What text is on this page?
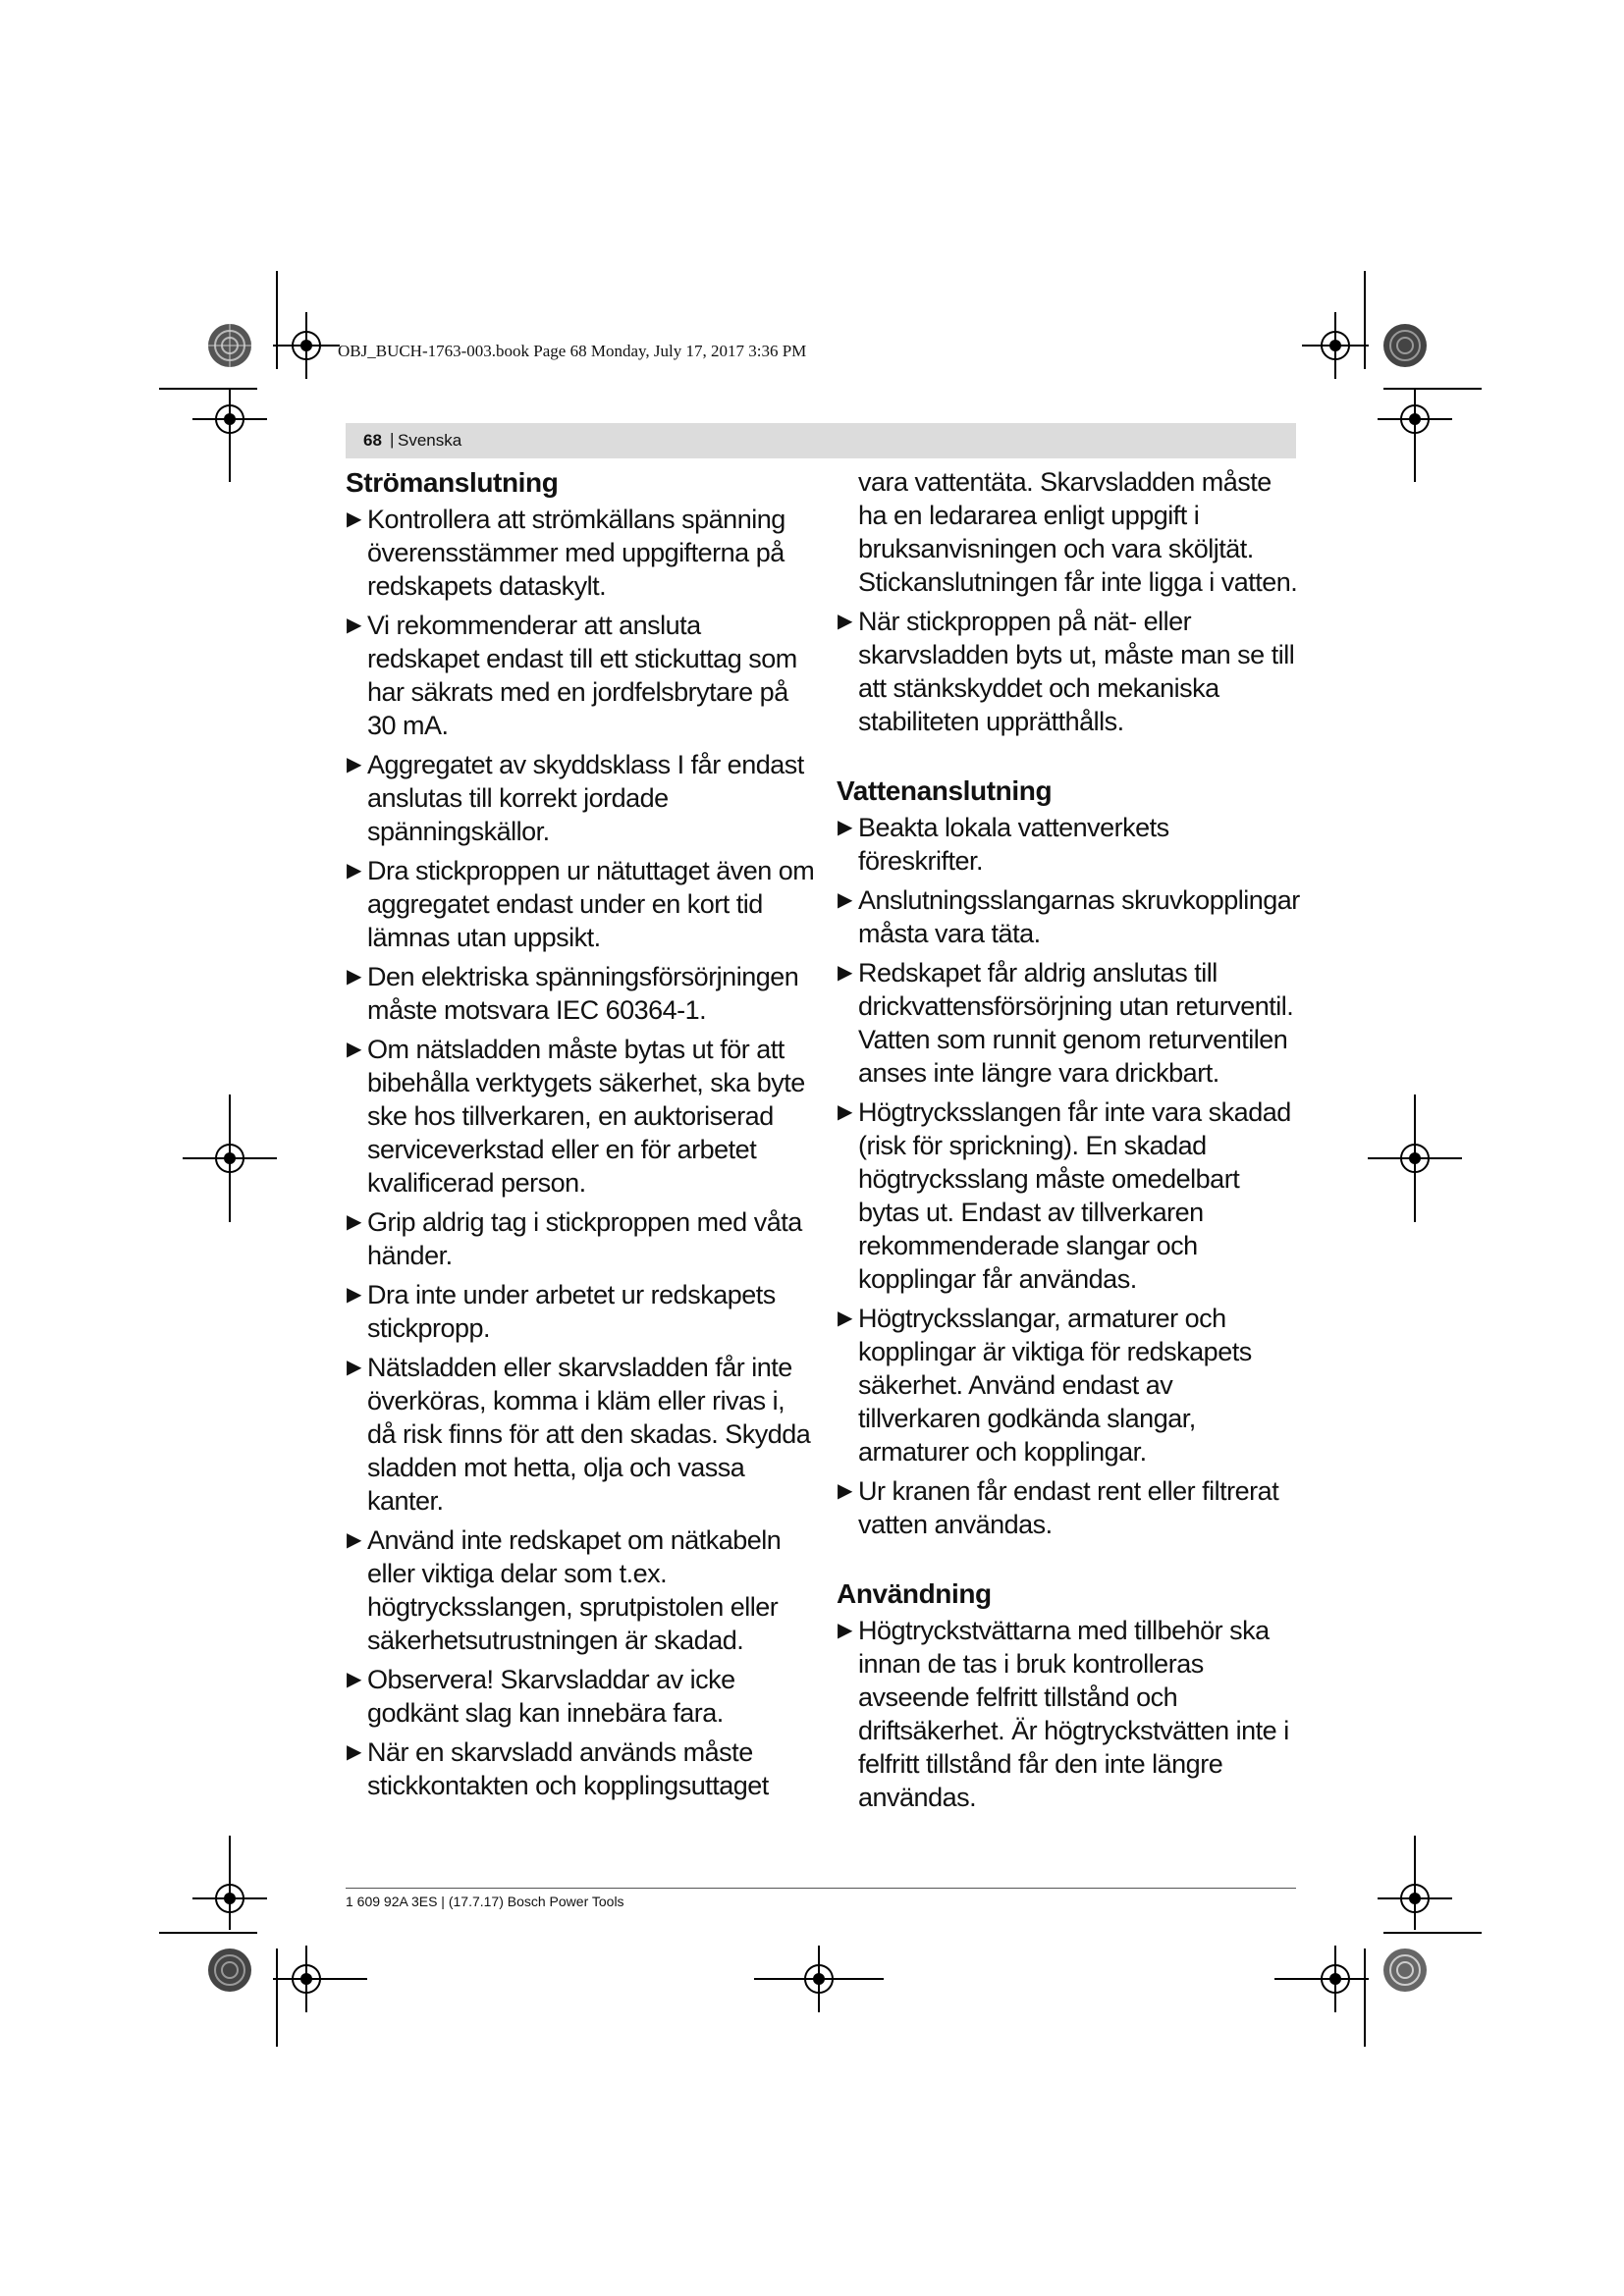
OBJ_BUCH-1763-003.book Page 68 Monday, July 17, 2017 3:36 PM
68 | Svenska
Strömanslutning
▶ Kontrollera att strömkällans spänning överensstämmer med uppgifterna på redskapets dataskylt.
▶ Vi rekommenderar att ansluta redskapet endast till ett stickuttag som har säkrats med en jordfelsbrytare på 30 mA.
▶ Aggregatet av skyddsklass I får endast anslutas till korrekt jordade spänningskällor.
▶ Dra stickproppen ur nätuttaget även om aggregatet endast under en kort tid lämnas utan uppsikt.
▶ Den elektriska spänningsförsörjningen måste motsvara IEC 60364-1.
▶ Om nätsladden måste bytas ut för att bibehålla verktygets säkerhet, ska byte ske hos tillverkaren, en auktoriserad serviceverkstad eller en för arbetet kvalificerad person.
▶ Grip aldrig tag i stickproppen med våta händer.
▶ Dra inte under arbetet ur redskapets stickpropp.
▶ Nätsladden eller skarvsladden får inte överköras, komma i kläm eller rivas i, då risk finns för att den skadas. Skydda sladden mot hetta, olja och vassa kanter.
▶ Använd inte redskapet om nätkabeln eller viktiga delar som t.ex. högtrycksslangen, sprutpistolen eller säkerhetsutrustningen är skadad.
▶ Observera! Skarvsladdar av icke godkänt slag kan innebära fara.
▶ När en skarvsladd används måste stickkontakten och kopplingsuttaget
vara vattentäta. Skarvsladden måste ha en ledararea enligt uppgift i bruksanvisningen och vara sköljtät. Stickanslutningen får inte ligga i vatten.
▶ När stickproppen på nät- eller skarvsladden byts ut, måste man se till att stänkskyddet och mekaniska stabiliteten upprätthålls.
Vattenanslutning
▶ Beakta lokala vattenverkets föreskrifter.
▶ Anslutningsslangarnas skruvkopplingar måsta vara täta.
▶ Redskapet får aldrig anslutas till drickvattensförsörjning utan returventil. Vatten som runnit genom returventilen anses inte längre vara drickbart.
▶ Högtrycksslangen får inte vara skadad (risk för sprickning). En skadad högtrycksslang måste omedelbart bytas ut. Endast av tillverkaren rekommenderade slangar och kopplingar får användas.
▶ Högtrycksslangar, armaturer och kopplingar är viktiga för redskapets säkerhet. Använd endast av tillverkaren godkända slangar, armaturer och kopplingar.
▶ Ur kranen får endast rent eller filtrerat vatten användas.
Användning
▶ Högtryckstvättarna med tillbehör ska innan de tas i bruk kontrolleras avseende felfritt tillstånd och driftsäkerhet. Är högtryckstvätten inte i felfritt tillstånd får den inte längre användas.
1 609 92A 3ES | (17.7.17) Bosch Power Tools
